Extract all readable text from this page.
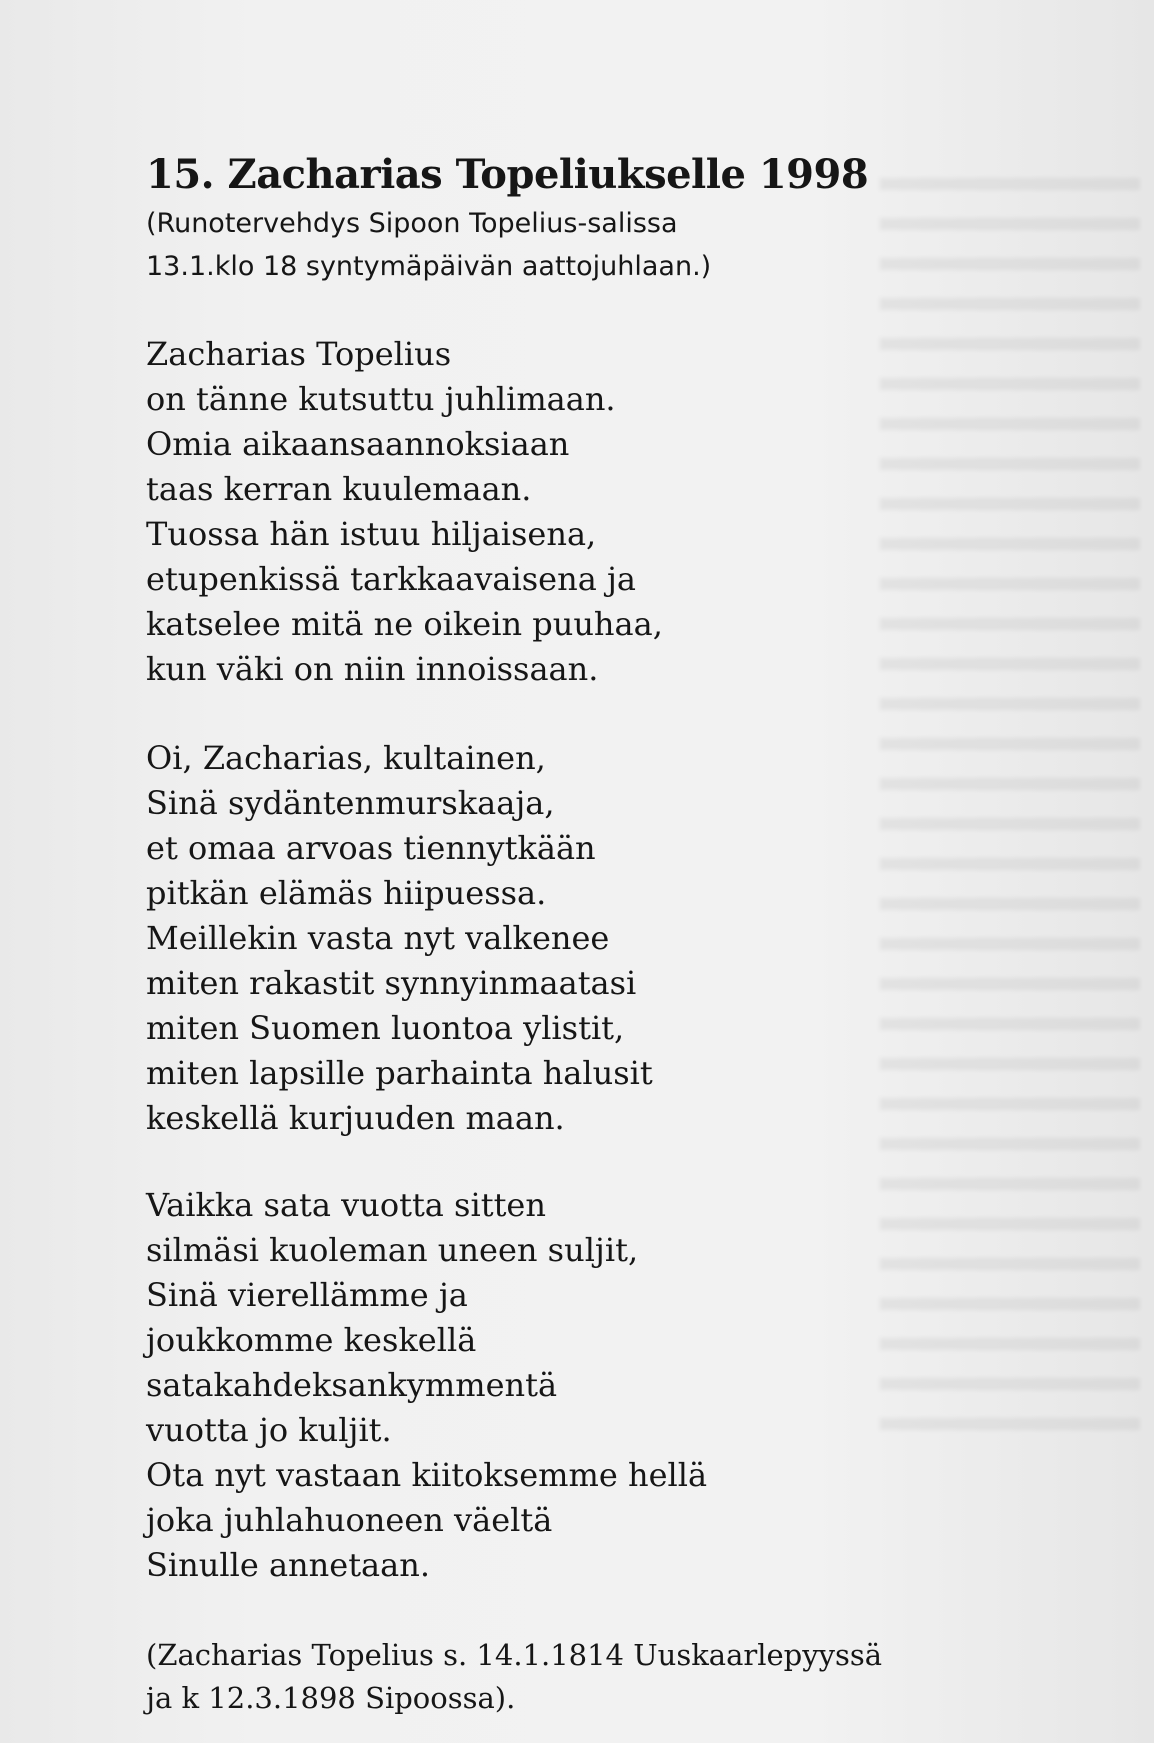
15. Zacharias Topeliukselle 1998

(Runotervehdys Sipoon Topelius-salissa

13.1.klo 18 syntymäpäivän aattojuhlaan.)

Zacharias Topelius
on tänne kutsuttu juhlimaan.
Omia aikaansaannoksiaan
taas kerran kuulemaan.
Tuossa hän istuu hiljaisena,
etupenkissä tarkkaavaisena ja
katselee mitä ne oikein puuhaa,
kun väki on niin innoissaan.
Oi, Zacharias, kultainen,
Sinä sydäntenmurskaaja,
et omaa arvoas tiennytkään
pitkän elämäs hiipuessa.
Meillekin vasta nyt valkenee
miten rakastit synnyinmaatasi
miten Suomen luontoa ylistit,
miten lapsille parhainta halusit
keskellä kurjuuden maan.
Vaikka sata vuotta sitten
silmäsi kuoleman uneen suljit,
Sinä vierellämme ja
joukkomme keskellä
satakahdeksankymmentä
vuotta jo kuljit.
Ota nyt vastaan kiitoksemme hellä
joka juhlahuoneen väeltä
Sinulle annetaan.
(Zacharias Topelius s. 14.1.1814 Uuskaarlepyyssä
ja k 12.3.1898 Sipoossa).
